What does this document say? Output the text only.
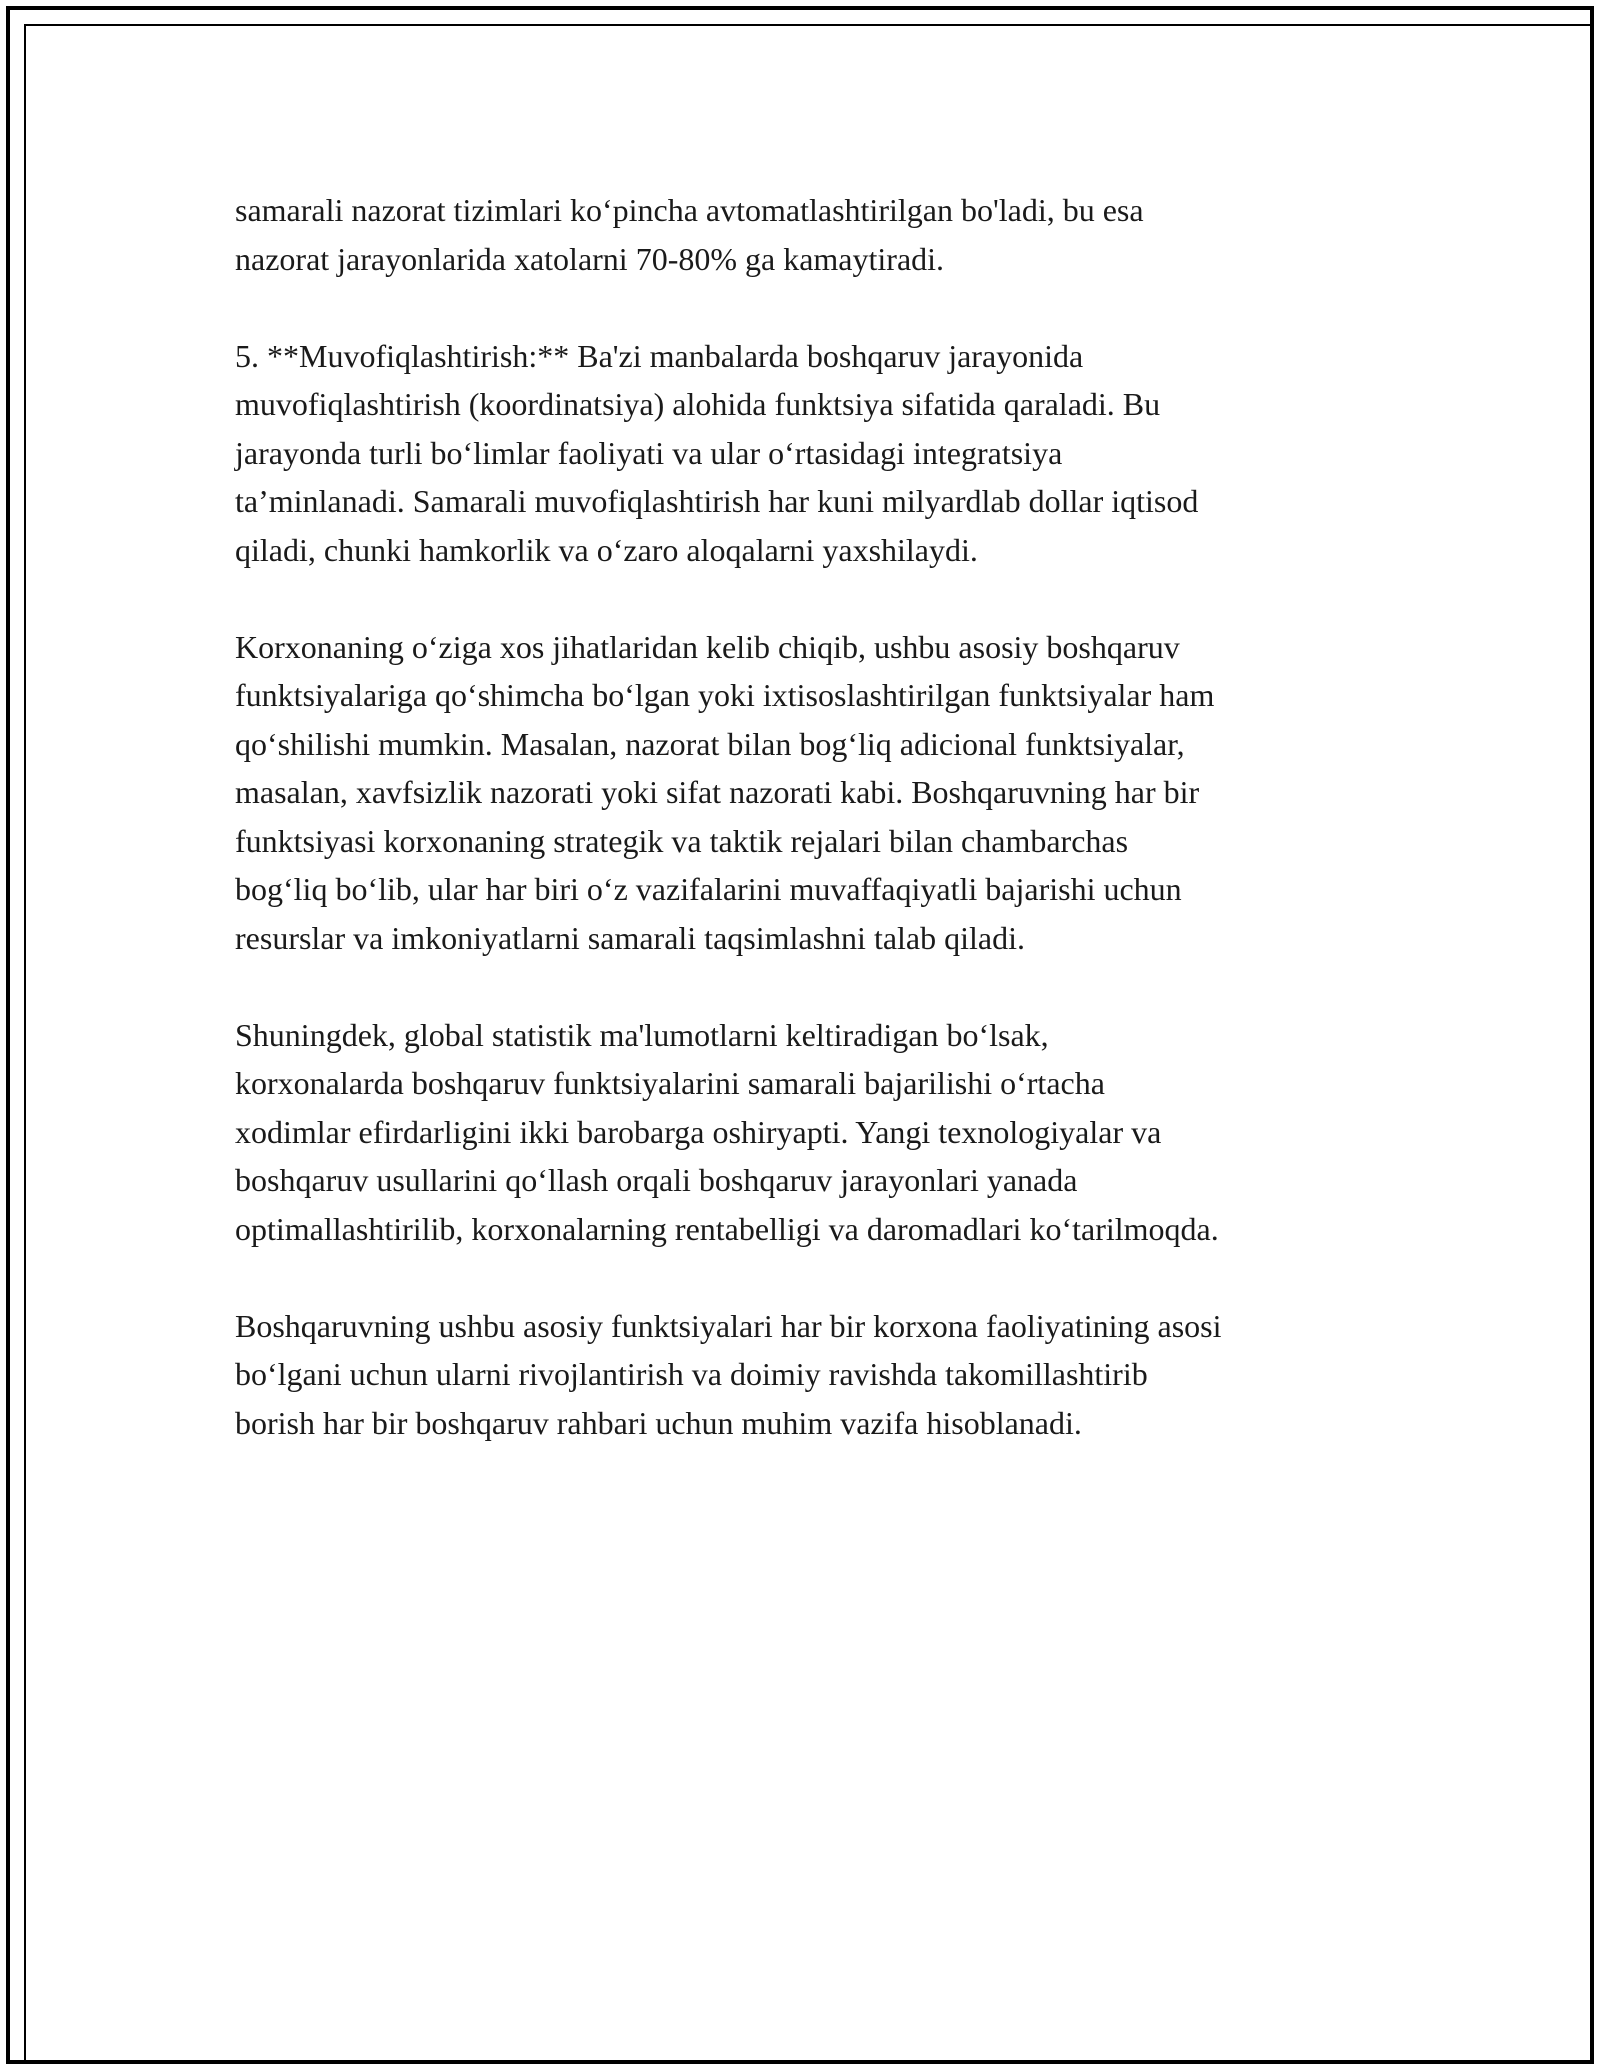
samarali nazorat tizimlari ko‘pincha avtomatlashtirilgan bo'ladi, bu esa
nazorat jarayonlarida xatolarni 70-80% ga kamaytiradi.

5. **Muvofiqlashtirish:** Ba'zi manbalarda boshqaruv jarayonida
muvofiqlashtirish (koordinatsiya) alohida funktsiya sifatida qaraladi. Bu
jarayonda turli bo‘limlar faoliyati va ular o‘rtasidagi integratsiya
ta’minlanadi. Samarali muvofiqlashtirish har kuni milyardlab dollar iqtisod
qiladi, chunki hamkorlik va o‘zaro aloqalarni yaxshilaydi.

Korxonaning o‘ziga xos jihatlaridan kelib chiqib, ushbu asosiy boshqaruv
funktsiyalariga qo‘shimcha bo‘lgan yoki ixtisoslashtirilgan funktsiyalar ham
qo‘shilishi mumkin. Masalan, nazorat bilan bog‘liq adicional funktsiyalar,
masalan, xavfsizlik nazorati yoki sifat nazorati kabi. Boshqaruvning har bir
funktsiyasi korxonaning strategik va taktik rejalari bilan chambarchas
bog‘liq bo‘lib, ular har biri o‘z vazifalarini muvaffaqiyatli bajarishi uchun
resurslar va imkoniyatlarni samarali taqsimlashni talab qiladi.

Shuningdek, global statistik ma'lumotlarni keltiradigan bo‘lsak,
korxonalarda boshqaruv funktsiyalarini samarali bajarilishi o‘rtacha
xodimlar efirdarligini ikki barobarga oshiryapti. Yangi texnologiyalar va
boshqaruv usullarini qo‘llash orqali boshqaruv jarayonlari yanada
optimallashtirilib, korxonalarning rentabelligi va daromadlari ko‘tarilmoqda.

Boshqaruvning ushbu asosiy funktsiyalari har bir korxona faoliyatining asosi
bo‘lgani uchun ularni rivojlantirish va doimiy ravishda takomillashtirib
borish har bir boshqaruv rahbari uchun muhim vazifa hisoblanadi.
